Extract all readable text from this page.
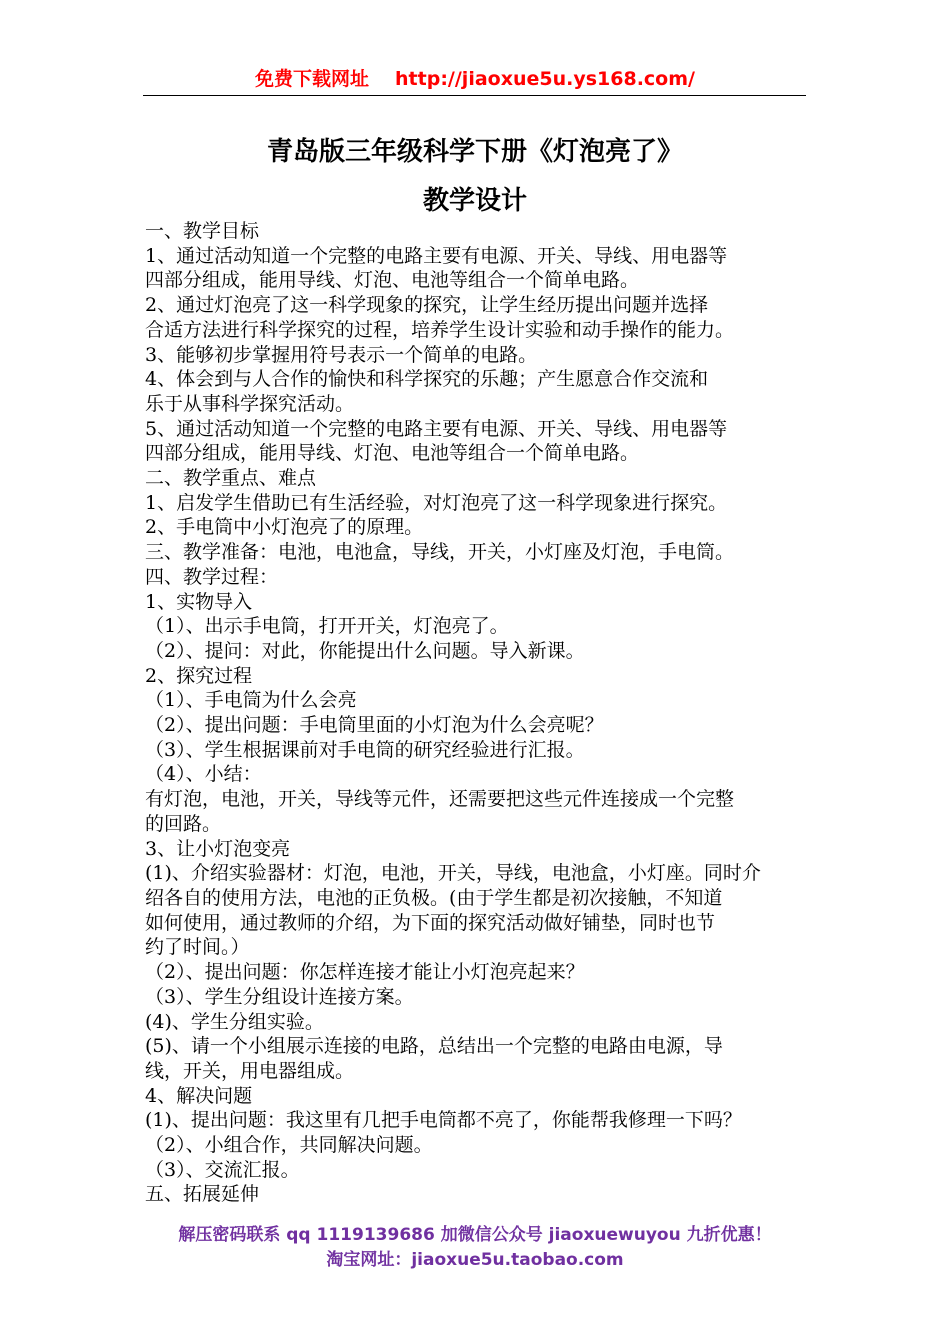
免费下载网址 http://jiaoxue5u.ys168.com/
青岛版三年级科学下册《灯泡亮了》
教学设计

一、教学目标

1、通过活动知道一个完整的电路主要有电源、开关、导线、用电器等

四部分组成，能用导线、灯泡、电池等组合一个简单电路。

2、通过灯泡亮了这一科学现象的探究，让学生经历提出问题并选择

合适方法进行科学探究的过程，培养学生设计实验和动手操作的能力。

3、能够初步掌握用符号表示一个简单的电路。

4、体会到与人合作的愉快和科学探究的乐趣；产生愿意合作交流和

乐于从事科学探究活动。

5、通过活动知道一个完整的电路主要有电源、开关、导线、用电器等

四部分组成，能用导线、灯泡、电池等组合一个简单电路。

二、教学重点、难点

1、启发学生借助已有生活经验，对灯泡亮了这一科学现象进行探究。

2、手电筒中小灯泡亮了的原理。

三、教学准备：电池，电池盒，导线，开关，小灯座及灯泡，手电筒。

四、教学过程：

1、实物导入

（1）、出示手电筒，打开开关，灯泡亮了。

（2）、提问：对此，你能提出什么问题。导入新课。

2、探究过程

（1）、手电筒为什么会亮

（2）、提出问题：手电筒里面的小灯泡为什么会亮呢？

（3）、学生根据课前对手电筒的研究经验进行汇报。

（4）、小结：

有灯泡，电池，开关，导线等元件，还需要把这些元件连接成一个完整

的回路。

3、让小灯泡变亮

(1)、介绍实验器材：灯泡，电池，开关，导线，电池盒，小灯座。同时介

绍各自的使用方法，电池的正负极。(由于学生都是初次接触，不知道

如何使用，通过教师的介绍，为下面的探究活动做好铺垫，同时也节

约了时间。）

（2）、提出问题：你怎样连接才能让小灯泡亮起来？

（3）、学生分组设计连接方案。

(4)、学生分组实验。

(5)、请一个小组展示连接的电路，总结出一个完整的电路由电源，导

线，开关，用电器组成。

4、解决问题

(1)、提出问题：我这里有几把手电筒都不亮了，你能帮我修理一下吗？

（2）、小组合作，共同解决问题。

（3）、交流汇报。

五、拓展延伸

解压密码联系 qq 1119139686 加微信公众号 jiaoxuewuyou 九折优惠！
淘宝网址：jiaoxue5u.taobao.com
